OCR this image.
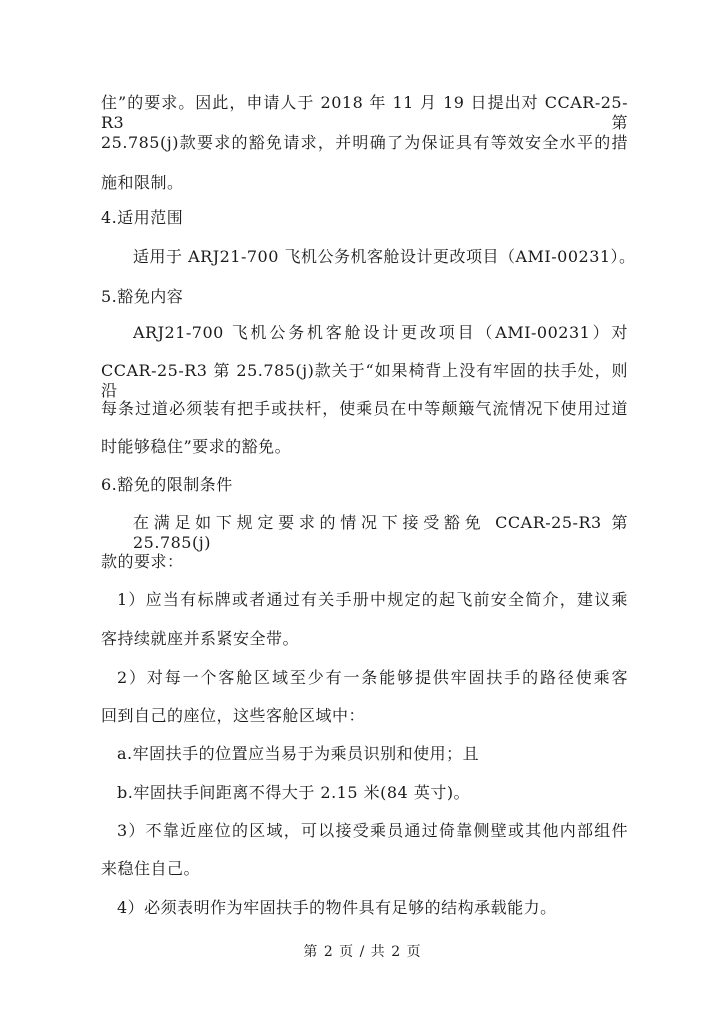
住”的要求。因此，申请人于 2018 年 11 月 19 日提出对 CCAR-25-R3 第
25.785(j)款要求的豁免请求，并明确了为保证具有等效安全水平的措
施和限制。
4.适用范围
适用于 ARJ21-700 飞机公务机客舱设计更改项目（AMI-00231）。
5.豁免内容
ARJ21-700 飞机公务机客舱设计更改项目（AMI-00231）对
CCAR-25-R3 第 25.785(j)款关于“如果椅背上没有牢固的扶手处，则沿
每条过道必须装有把手或扶杆，使乘员在中等颠簸气流情况下使用过道
时能够稳住”要求的豁免。
6.豁免的限制条件
在满足如下规定要求的情况下接受豁免 CCAR-25-R3 第 25.785(j)
款的要求：
1）应当有标牌或者通过有关手册中规定的起飞前安全简介，建议乘
客持续就座并系紧安全带。
2）对每一个客舱区域至少有一条能够提供牢固扶手的路径使乘客
回到自己的座位，这些客舱区域中：
a.牢固扶手的位置应当易于为乘员识别和使用；且
b.牢固扶手间距离不得大于 2.15 米(84 英寸)。
3）不靠近座位的区域，可以接受乘员通过倚靠侧壁或其他内部组件
来稳住自己。
4）必须表明作为牢固扶手的物件具有足够的结构承载能力。
第 2 页 / 共 2 页
